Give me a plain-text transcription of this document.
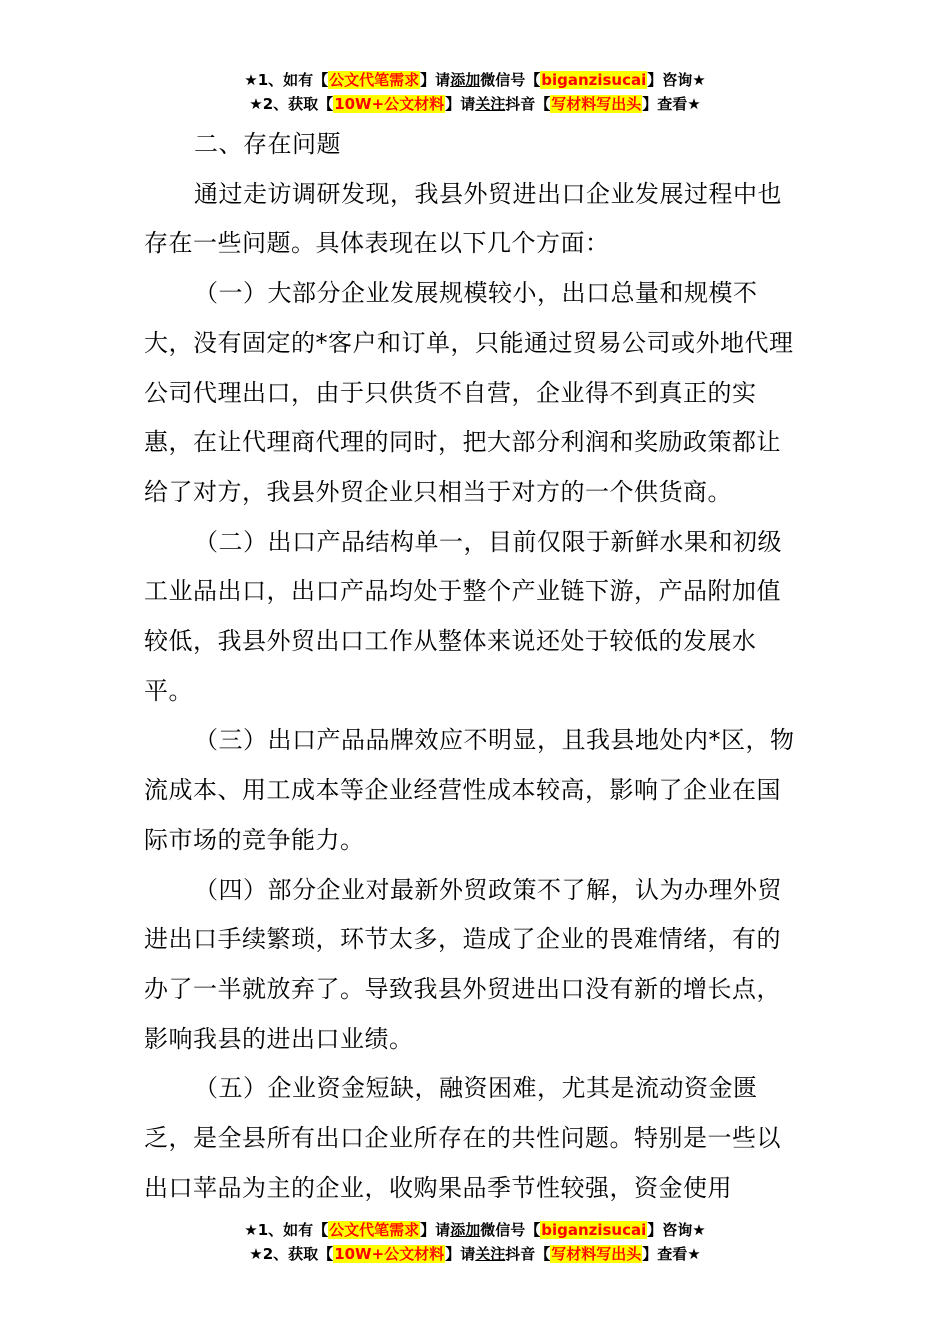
★1、如有【公文代笔需求】请添加微信号【biganzisucai】咨询★
★2、获取【10W+公文材料】请关注抖音【写材料写出头】查看★

二、存在问题

通过走访调研发现，我县外贸进出口企业发展过程中也存在一些问题。具体表现在以下几个方面：

（一）大部分企业发展规模较小，出口总量和规模不大，没有固定的*客户和订单，只能通过贸易公司或外地代理公司代理出口，由于只供货不自营，企业得不到真正的实惠，在让代理商代理的同时，把大部分利润和奖励政策都让给了对方，我县外贸企业只相当于对方的一个供货商。

（二）出口产品结构单一，目前仅限于新鲜水果和初级工业品出口，出口产品均处于整个产业链下游，产品附加值较低，我县外贸出口工作从整体来说还处于较低的发展水平。

（三）出口产品品牌效应不明显，且我县地处内*区，物流成本、用工成本等企业经营性成本较高，影响了企业在国际市场的竞争能力。

（四）部分企业对最新外贸政策不了解，认为办理外贸进出口手续繁琐，环节太多，造成了企业的畏难情绪，有的办了一半就放弃了。导致我县外贸进出口没有新的增长点，影响我县的进出口业绩。

（五）企业资金短缺，融资困难，尤其是流动资金匮乏，是全县所有出口企业所存在的共性问题。特别是一些以出口苹品为主的企业，收购果品季节性较强，资金使用

★1、如有【公文代笔需求】请添加微信号【biganzisucai】咨询★
★2、获取【10W+公文材料】请关注抖音【写材料写出头】查看★
